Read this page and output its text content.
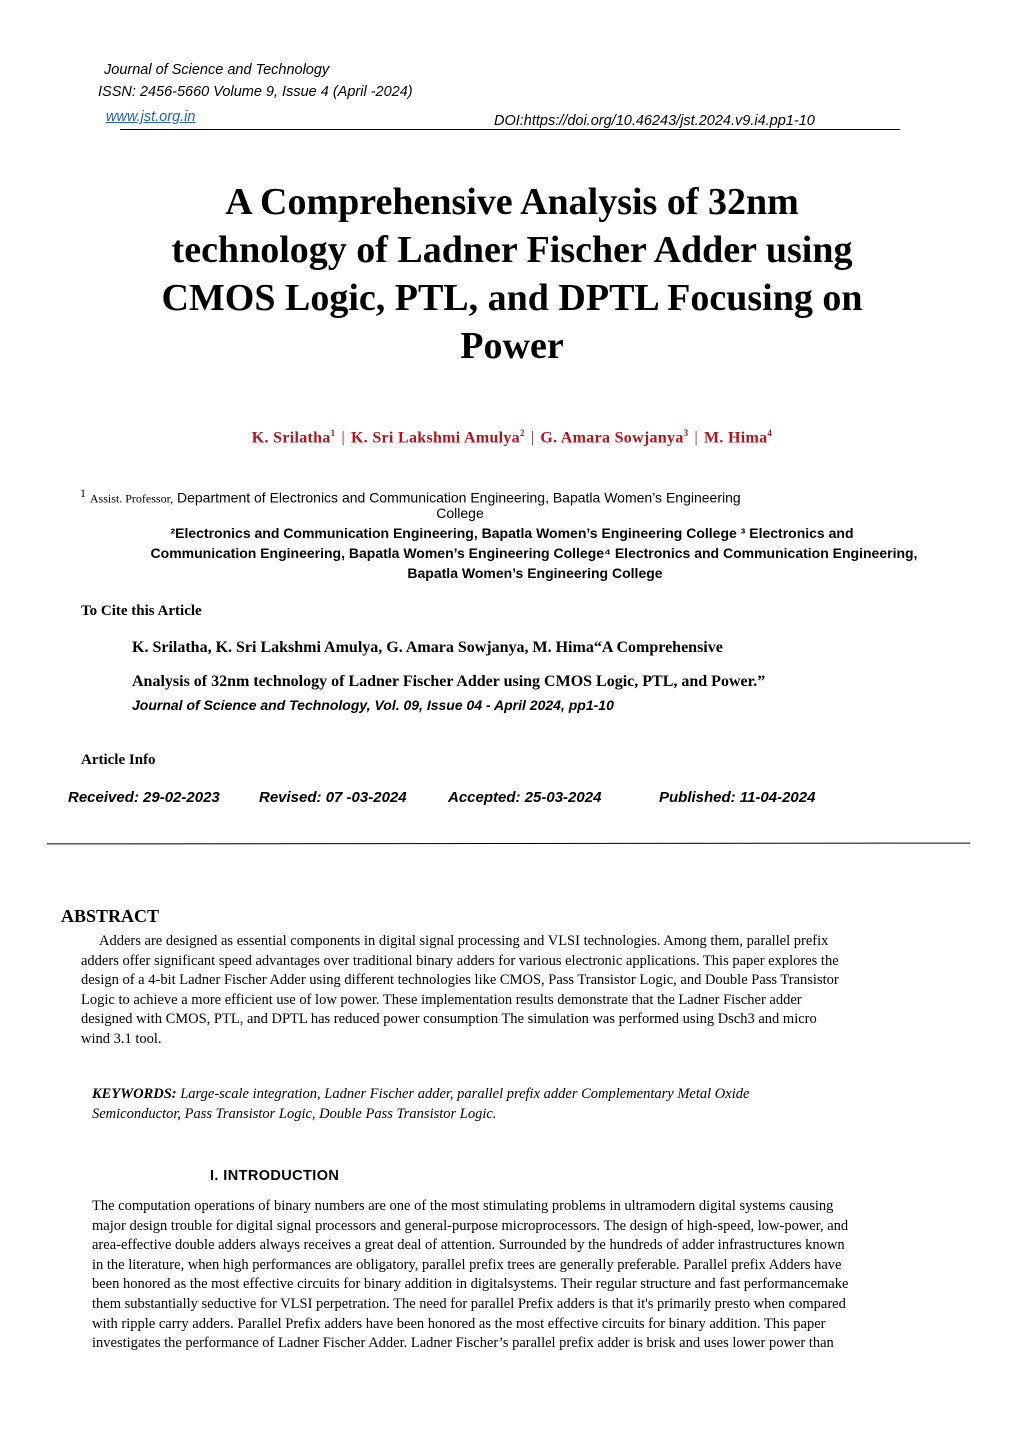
Journal of Science and Technology
ISSN: 2456-5660 Volume 9, Issue 4 (April -2024)
www.jst.org.in	DOI:https://doi.org/10.46243/jst.2024.v9.i4.pp1-10
A Comprehensive Analysis of 32nm
technology of Ladner Fischer Adder using
CMOS Logic, PTL, and DPTL Focusing on
Power
K. Srilatha$^1$ | K. Sri Lakshmi Amulya$^2$ | G. Amara Sowjanya$^3$ | M. Hima$^4$
$^1$ Assist. Professor, Department of Electronics and Communication Engineering, Bapatla Women’s Engineering
College
²Electronics and Communication Engineering, Bapatla Women’s Engineering College ³ Electronics and
Communication Engineering, Bapatla Women’s Engineering College⁴ Electronics and Communication Engineering,
Bapatla Women’s Engineering College
To Cite this Article
K. Srilatha, K. Sri Lakshmi Amulya, G. Amara Sowjanya, M. Hima“A Comprehensive
Analysis of 32nm technology of Ladner Fischer Adder using CMOS Logic, PTL, and Power.”
Journal of Science and Technology, Vol. 09, Issue 04 - April 2024, pp1-10
Article Info
Received: 29-02-2023	Revised: 07 -03-2024	Accepted: 25-03-2024	Published: 11-04-2024
ABSTRACT
Adders are designed as essential components in digital signal processing and VLSI technologies. Among them, parallel prefix
adders offer significant speed advantages over traditional binary adders for various electronic applications. This paper explores the
design of a 4-bit Ladner Fischer Adder using different technologies like CMOS, Pass Transistor Logic, and Double Pass Transistor
Logic to achieve a more efficient use of low power. These implementation results demonstrate that the Ladner Fischer adder
designed with CMOS, PTL, and DPTL has reduced power consumption The simulation was performed using Dsch3 and micro
wind 3.1 tool.
KEYWORDS: Large-scale integration, Ladner Fischer adder, parallel prefix adder Complementary Metal Oxide
Semiconductor, Pass Transistor Logic, Double Pass Transistor Logic.
I. INTRODUCTION
The computation operations of binary numbers are one of the most stimulating problems in ultramodern digital systems causing
major design trouble for digital signal processors and general-purpose microprocessors. The design of high-speed, low-power, and
area-effective double adders always receives a great deal of attention. Surrounded by the hundreds of adder infrastructures known
in the literature, when high performances are obligatory, parallel prefix trees are generally preferable. Parallel prefix Adders have
been honored as the most effective circuits for binary addition in digitalsystems. Their regular structure and fast performancemake
them substantially seductive for VLSI perpetration. The need for parallel Prefix adders is that it's primarily presto when compared
with ripple carry adders. Parallel Prefix adders have been honored as the most effective circuits for binary addition. This paper
investigates the performance of Ladner Fischer Adder. Ladner Fischer’s parallel prefix adder is brisk and uses lower power than
